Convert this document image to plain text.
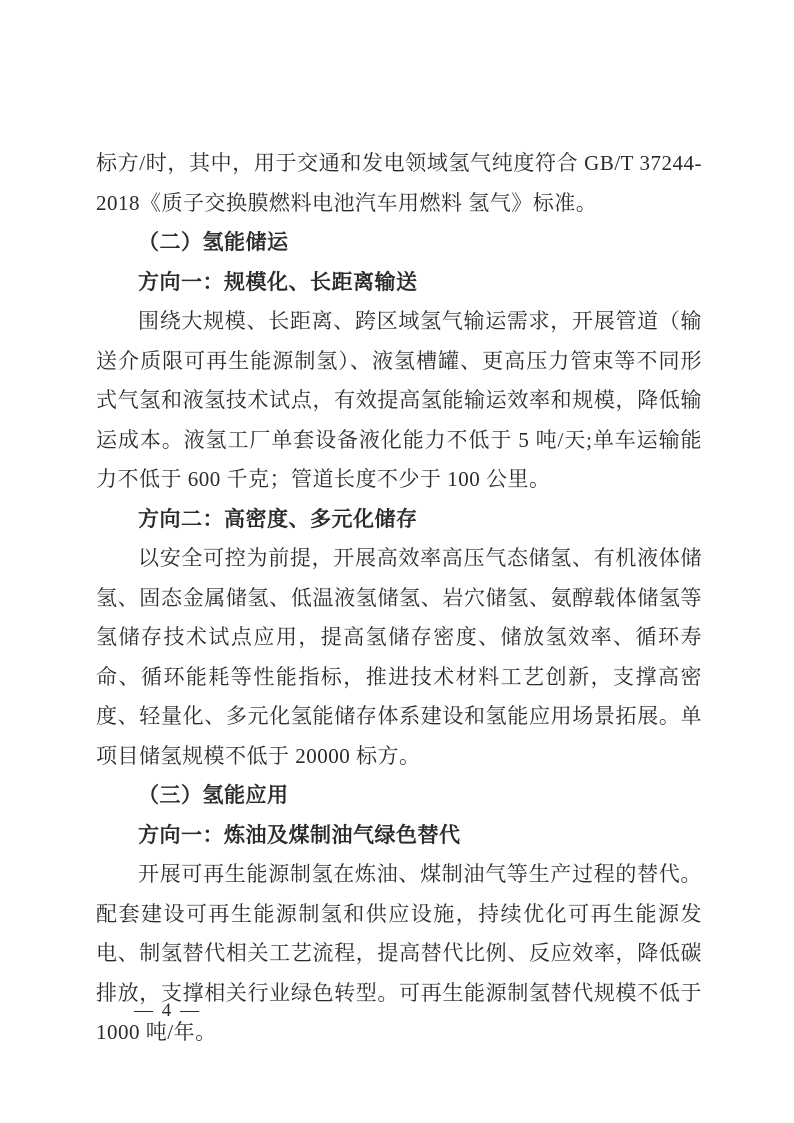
标方/时，其中，用于交通和发电领域氢气纯度符合 GB/T 37244-2018《质子交换膜燃料电池汽车用燃料 氢气》标准。

（二）氢能储运

方向一：规模化、长距离输送

围绕大规模、长距离、跨区域氢气输运需求，开展管道（输送介质限可再生能源制氢）、液氢槽罐、更高压力管束等不同形式气氢和液氢技术试点，有效提高氢能输运效率和规模，降低输运成本。液氢工厂单套设备液化能力不低于 5 吨/天;单车运输能力不低于 600 千克；管道长度不少于 100 公里。

方向二：高密度、多元化储存

以安全可控为前提，开展高效率高压气态储氢、有机液体储氢、固态金属储氢、低温液氢储氢、岩穴储氢、氨醇载体储氢等氢储存技术试点应用，提高氢储存密度、储放氢效率、循环寿命、循环能耗等性能指标，推进技术材料工艺创新，支撑高密度、轻量化、多元化氢能储存体系建设和氢能应用场景拓展。单项目储氢规模不低于 20000 标方。

（三）氢能应用

方向一：炼油及煤制油气绿色替代

开展可再生能源制氢在炼油、煤制油气等生产过程的替代。配套建设可再生能源制氢和供应设施，持续优化可再生能源发电、制氢替代相关工艺流程，提高替代比例、反应效率，降低碳排放，支撑相关行业绿色转型。可再生能源制氢替代规模不低于 1000 吨/年。

— 4 —
